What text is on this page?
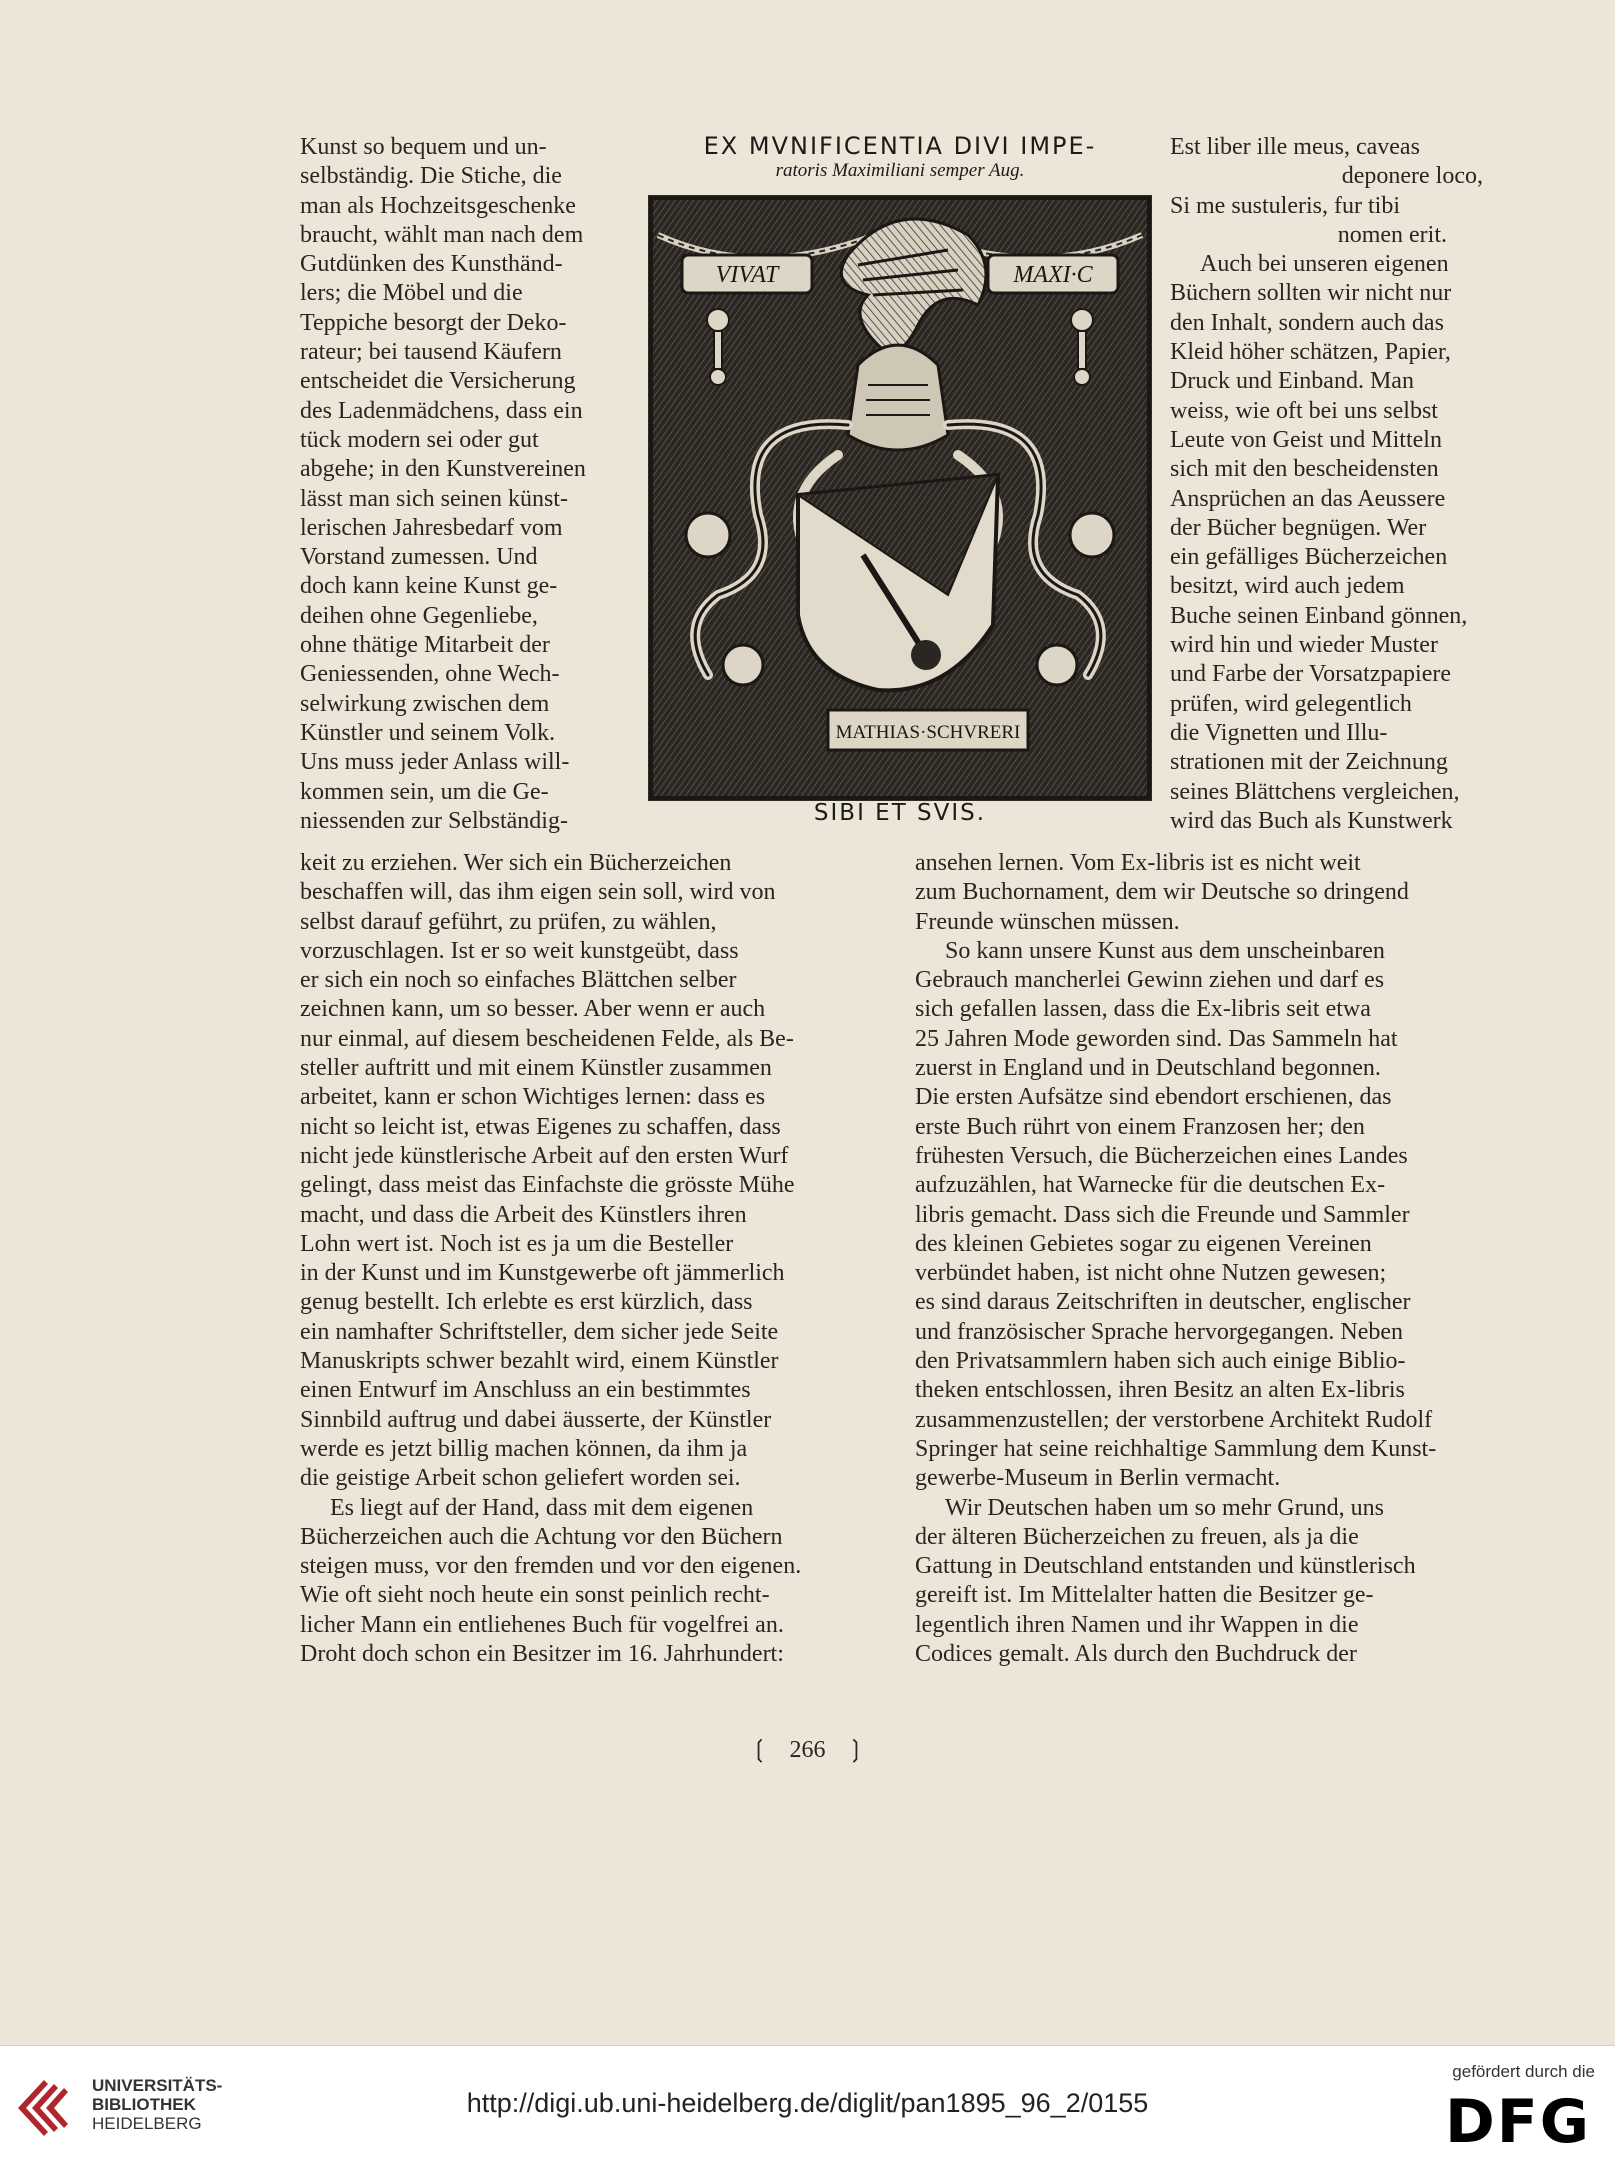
Kunst so bequem und un-

selbständig. Die Stiche, die

man als Hochzeitsgeschenke

braucht, wählt man nach dem

Gutdünken des Kunsthänd-

lers; die Möbel und die

Teppiche besorgt der Deko-

rateur; bei tausend Käufern

entscheidet die Versicherung

des Ladenmädchens, dass ein

tück modern sei oder gut

abgehe; in den Kunstvereinen

lässt man sich seinen künst-

lerischen Jahresbedarf vom

Vorstand zumessen. Und

doch kann keine Kunst ge-

deihen ohne Gegenliebe,

ohne thätige Mitarbeit der

Geniessenden, ohne Wech-

selwirkung zwischen dem

Künstler und seinem Volk.

Uns muss jeder Anlass will-

kommen sein, um die Ge-

niessenden zur Selbständig-

EX MVNIFICENTIA DIVI IMPE-
ratoris Maximiliani semper Aug.
VIVAT	MAXI·C
MATHIAS·SCHVRERI
SIBI ET SVIS.

Est liber ille meus, caveas

deponere loco,

Si me sustuleris, fur tibi

nomen erit.

Auch bei unseren eigenen

Büchern sollten wir nicht nur

den Inhalt, sondern auch das

Kleid höher schätzen, Papier,

Druck und Einband. Man

weiss, wie oft bei uns selbst

Leute von Geist und Mitteln

sich mit den bescheidensten

Ansprüchen an das Aeussere

der Bücher begnügen. Wer

ein gefälliges Bücherzeichen

besitzt, wird auch jedem

Buche seinen Einband gönnen,

wird hin und wieder Muster

und Farbe der Vorsatzpapiere

prüfen, wird gelegentlich

die Vignetten und Illu-

strationen mit der Zeichnung

seines Blättchens vergleichen,

wird das Buch als Kunstwerk

keit zu erziehen. Wer sich ein Bücherzeichen

beschaffen will, das ihm eigen sein soll, wird von

selbst darauf geführt, zu prüfen, zu wählen,

vorzuschlagen. Ist er so weit kunstgeübt, dass

er sich ein noch so einfaches Blättchen selber

zeichnen kann, um so besser. Aber wenn er auch

nur einmal, auf diesem bescheidenen Felde, als Be-

steller auftritt und mit einem Künstler zusammen

arbeitet, kann er schon Wichtiges lernen: dass es

nicht so leicht ist, etwas Eigenes zu schaffen, dass

nicht jede künstlerische Arbeit auf den ersten Wurf

gelingt, dass meist das Einfachste die grösste Mühe

macht, und dass die Arbeit des Künstlers ihren

Lohn wert ist. Noch ist es ja um die Besteller

in der Kunst und im Kunstgewerbe oft jämmerlich

genug bestellt. Ich erlebte es erst kürzlich, dass

ein namhafter Schriftsteller, dem sicher jede Seite

Manuskripts schwer bezahlt wird, einem Künstler

einen Entwurf im Anschluss an ein bestimmtes

Sinnbild auftrug und dabei äusserte, der Künstler

werde es jetzt billig machen können, da ihm ja

die geistige Arbeit schon geliefert worden sei.

Es liegt auf der Hand, dass mit dem eigenen

Bücherzeichen auch die Achtung vor den Büchern

steigen muss, vor den fremden und vor den eigenen.

Wie oft sieht noch heute ein sonst peinlich recht-

licher Mann ein entliehenes Buch für vogelfrei an.

Droht doch schon ein Besitzer im 16. Jahrhundert:

ansehen lernen. Vom Ex-libris ist es nicht weit

zum Buchornament, dem wir Deutsche so dringend

Freunde wünschen müssen.

So kann unsere Kunst aus dem unscheinbaren

Gebrauch mancherlei Gewinn ziehen und darf es

sich gefallen lassen, dass die Ex-libris seit etwa

25 Jahren Mode geworden sind. Das Sammeln hat

zuerst in England und in Deutschland begonnen.

Die ersten Aufsätze sind ebendort erschienen, das

erste Buch rührt von einem Franzosen her; den

frühesten Versuch, die Bücherzeichen eines Landes

aufzuzählen, hat Warnecke für die deutschen Ex-

libris gemacht. Dass sich die Freunde und Sammler

des kleinen Gebietes sogar zu eigenen Vereinen

verbündet haben, ist nicht ohne Nutzen gewesen;

es sind daraus Zeitschriften in deutscher, englischer

und französischer Sprache hervorgegangen. Neben

den Privatsammlern haben sich auch einige Biblio-

theken entschlossen, ihren Besitz an alten Ex-libris

zusammenzustellen; der verstorbene Architekt Rudolf

Springer hat seine reichhaltige Sammlung dem Kunst-

gewerbe-Museum in Berlin vermacht.

Wir Deutschen haben um so mehr Grund, uns

der älteren Bücherzeichen zu freuen, als ja die

Gattung in Deutschland entstanden und künstlerisch

gereift ist. Im Mittelalter hatten die Besitzer ge-

legentlich ihren Namen und ihr Wappen in die

Codices gemalt. Als durch den Buchdruck der

❲ 266 ❳
UNIVERSITÄTS-
BIBLIOTHEK
HEIDELBERG
http://digi.ub.uni-heidelberg.de/diglit/pan1895_96_2/0155
gefördert durch die
DFG
